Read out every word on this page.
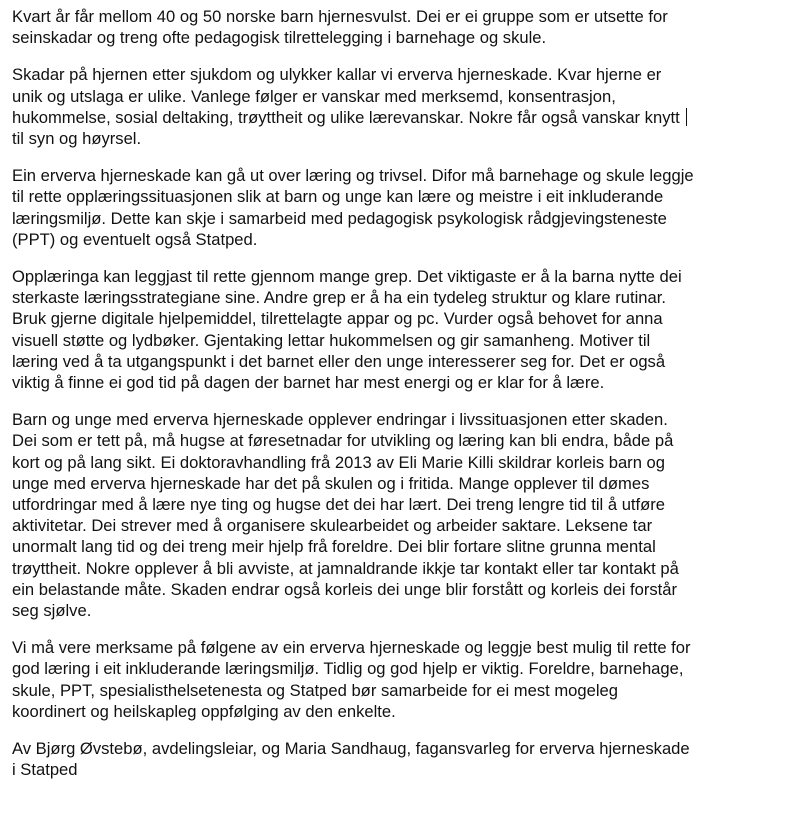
Kvart år får mellom 40 og 50 norske barn hjernesvulst. Dei er ei gruppe som er utsette for
seinskadar og treng ofte pedagogisk tilrettelegging i barnehage og skule.

Skadar på hjernen etter sjukdom og ulykker kallar vi erverva hjerneskade. Kvar hjerne er
unik og utslaga er ulike. Vanlege følger er vanskar med merksemd, konsentrasjon,
hukommelse, sosial deltaking, trøyttheit og ulike lærevanskar. Nokre får også vanskar knytt
til syn og høyrsel.

Ein erverva hjerneskade kan gå ut over læring og trivsel. Difor må barnehage og skule leggje
til rette opplæringssituasjonen slik at barn og unge kan lære og meistre i eit inkluderande
læringsmiljø. Dette kan skje i samarbeid med pedagogisk psykologisk rådgjevingsteneste
(PPT) og eventuelt også Statped.

Opplæringa kan leggjast til rette gjennom mange grep. Det viktigaste er å la barna nytte dei
sterkaste læringsstrategiane sine. Andre grep er å ha ein tydeleg struktur og klare rutinar.
Bruk gjerne digitale hjelpemiddel, tilrettelagte appar og pc. Vurder også behovet for anna
visuell støtte og lydbøker. Gjentaking lettar hukommelsen og gir samanheng. Motiver til
læring ved å ta utgangspunkt i det barnet eller den unge interesserer seg for. Det er også
viktig å finne ei god tid på dagen der barnet har mest energi og er klar for å lære.

Barn og unge med erverva hjerneskade opplever endringar i livssituasjonen etter skaden.
Dei som er tett på, må hugse at føresetnadar for utvikling og læring kan bli endra, både på
kort og på lang sikt. Ei doktoravhandling frå 2013 av Eli Marie Killi skildrar korleis barn og
unge med erverva hjerneskade har det på skulen og i fritida. Mange opplever til dømes
utfordringar med å lære nye ting og hugse det dei har lært. Dei treng lengre tid til å utføre
aktivitetar. Dei strever med å organisere skulearbeidet og arbeider saktare. Leksene tar
unormalt lang tid og dei treng meir hjelp frå foreldre. Dei blir fortare slitne grunna mental
trøyttheit. Nokre opplever å bli avviste, at jamnaldrande ikkje tar kontakt eller tar kontakt på
ein belastande måte. Skaden endrar også korleis dei unge blir forstått og korleis dei forstår
seg sjølve.

Vi må vere merksame på følgene av ein erverva hjerneskade og leggje best mulig til rette for
god læring i eit inkluderande læringsmiljø. Tidlig og god hjelp er viktig. Foreldre, barnehage,
skule, PPT, spesialisthelsetenesta og Statped bør samarbeide for ei mest mogeleg
koordinert og heilskapleg oppfølging av den enkelte.

Av Bjørg Øvstebø, avdelingsleiar, og Maria Sandhaug, fagansvarleg for erverva hjerneskade
i Statped
